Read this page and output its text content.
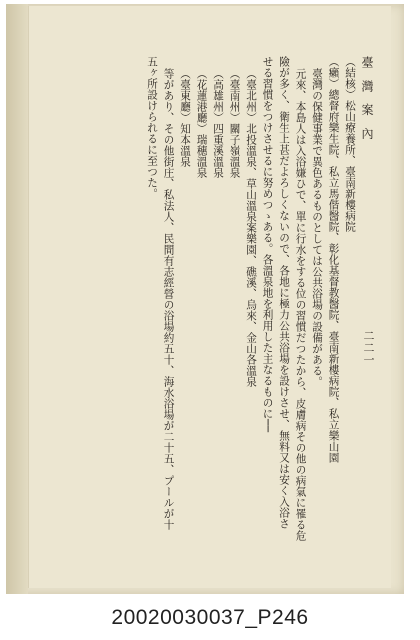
臺 灣 案 內
二二一
（結核）松山療養所、臺南新樓病院
（癩）總督府樂生院、私立馬偕醫院、彰化基督教醫院、臺南新樓病院、私立樂山園
臺灣の保健事業で異色あるものとしては公共浴場の設備がある。
元來、本島人は入浴嫌ひで、單に行水をする位の習慣だつたから、皮膚病その他の病氣に罹る危
險が多く、衛生上甚だよろしくないので、各地に極力公共浴場を設けさせ、無料又は安く入浴さ
せる習慣をつけさせるに努めつゝある。各溫泉地を利用した主なるものに──
（臺北州）北投溫泉、草山溫泉案樂園、礁溪、烏來、金山各溫泉
（臺南州）關子嶺溫泉
（高雄州）四重溪溫泉
（花蓮港廳）瑞穗溫泉
（臺東廳）知本溫泉
等があり、その他街庄、私法人、民間有志經營の浴場約五十、海水浴場が二十五、プールが十
五ヶ所設けられるに至つた。
20020030037_P246
